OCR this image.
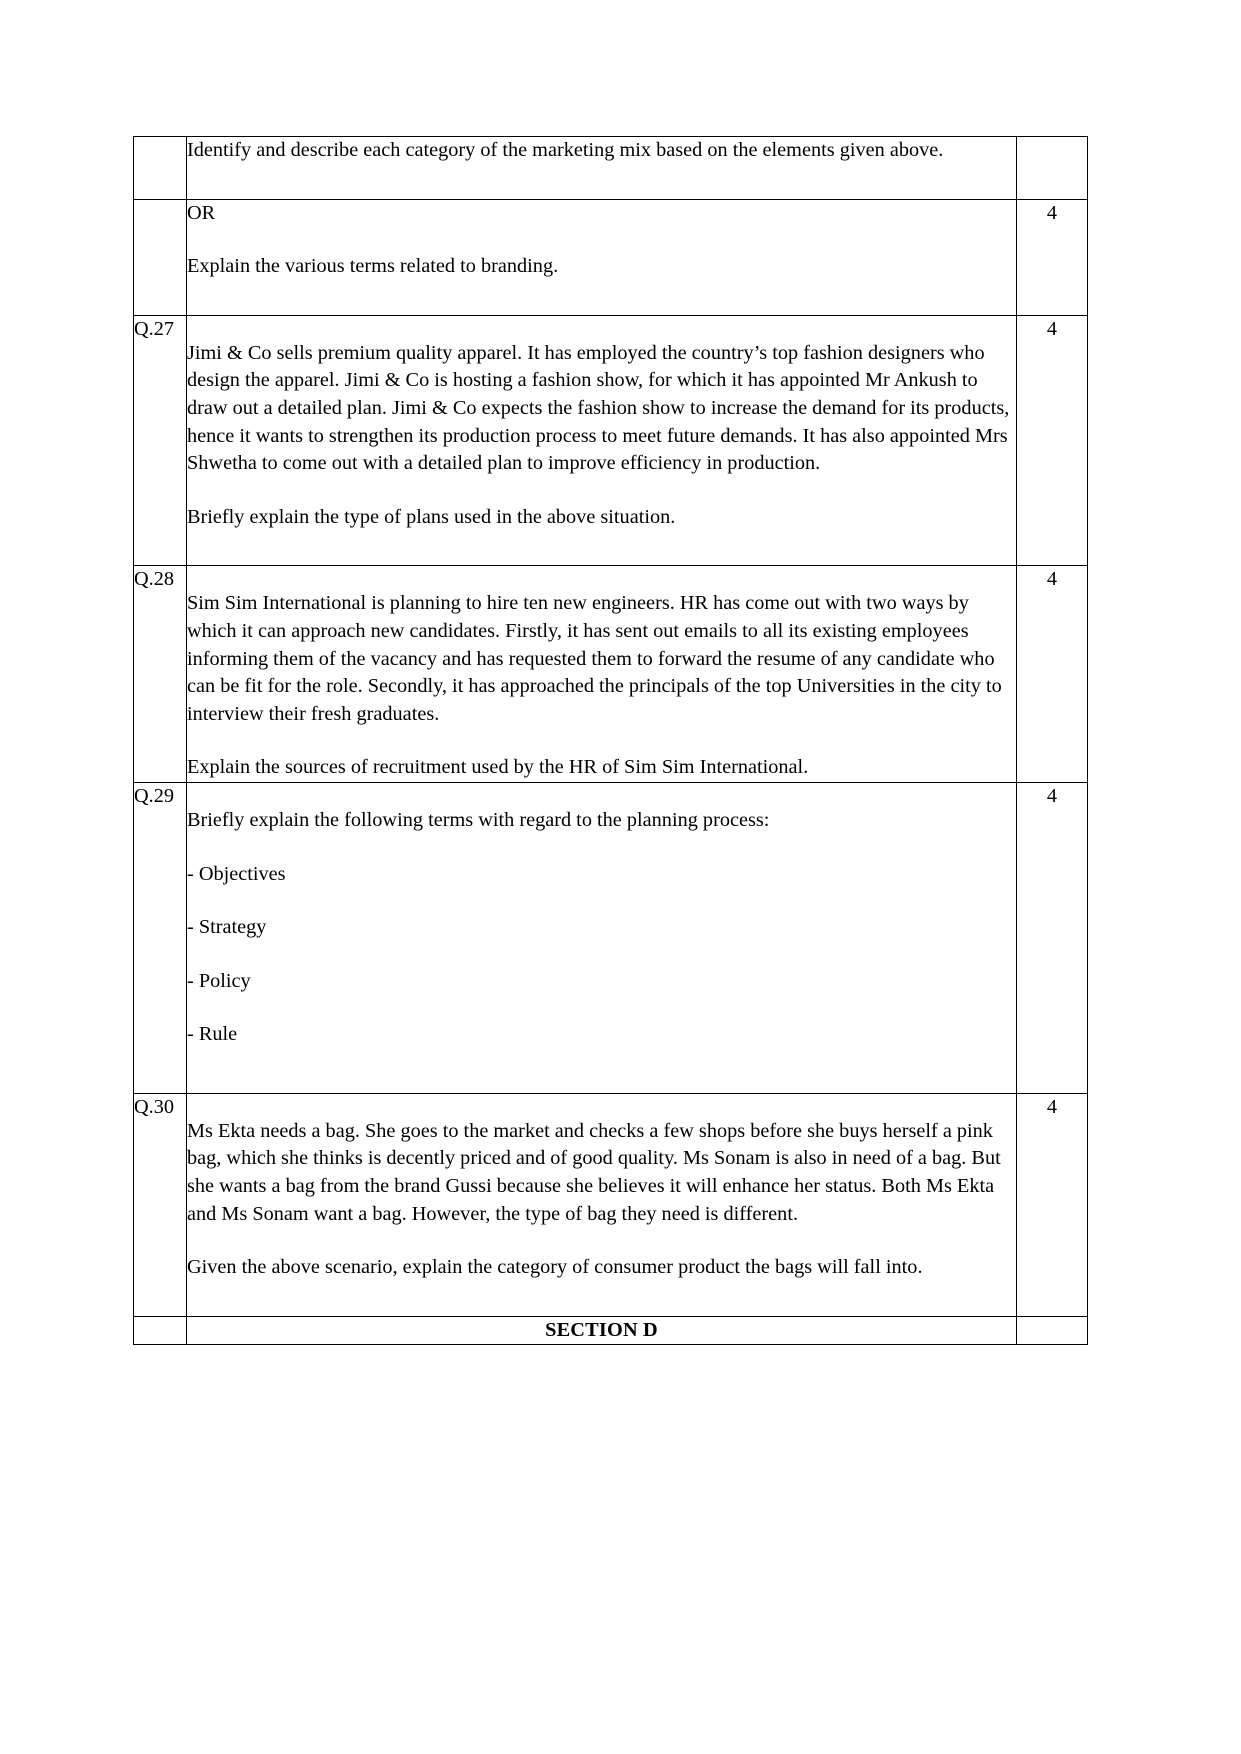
	Identify and describe each category of the marketing mix based on the elements given above.	

	OR

Explain the various terms related to branding.	4
Q.27	Jimi & Co sells premium quality apparel. It has employed the country’s top fashion designers who design the apparel. Jimi & Co is hosting a fashion show, for which it has appointed Mr Ankush to draw out a detailed plan. Jimi & Co expects the fashion show to increase the demand for its products, hence it wants to strengthen its production process to meet future demands. It has also appointed Mrs Shwetha to come out with a detailed plan to improve efficiency in production.

Briefly explain the type of plans used in the above situation.	4
Q.28	Sim Sim International is planning to hire ten new engineers. HR has come out with two ways by which it can approach new candidates. Firstly, it has sent out emails to all its existing employees informing them of the vacancy and has requested them to forward the resume of any candidate who can be fit for the role. Secondly, it has approached the principals of the top Universities in the city to interview their fresh graduates.

Explain the sources of recruitment used by the HR of Sim Sim International.	4
Q.29	Briefly explain the following terms with regard to the planning process:

- Objectives

- Strategy

- Policy

- Rule	4
Q.30	Ms Ekta needs a bag. She goes to the market and checks a few shops before she buys herself a pink bag, which she thinks is decently priced and of good quality. Ms Sonam is also in need of a bag. But she wants a bag from the brand Gussi because she believes it will enhance her status. Both Ms Ekta and Ms Sonam want a bag. However, the type of bag they need is different.

Given the above scenario, explain the category of consumer product the bags will fall into.	4
	SECTION D	
